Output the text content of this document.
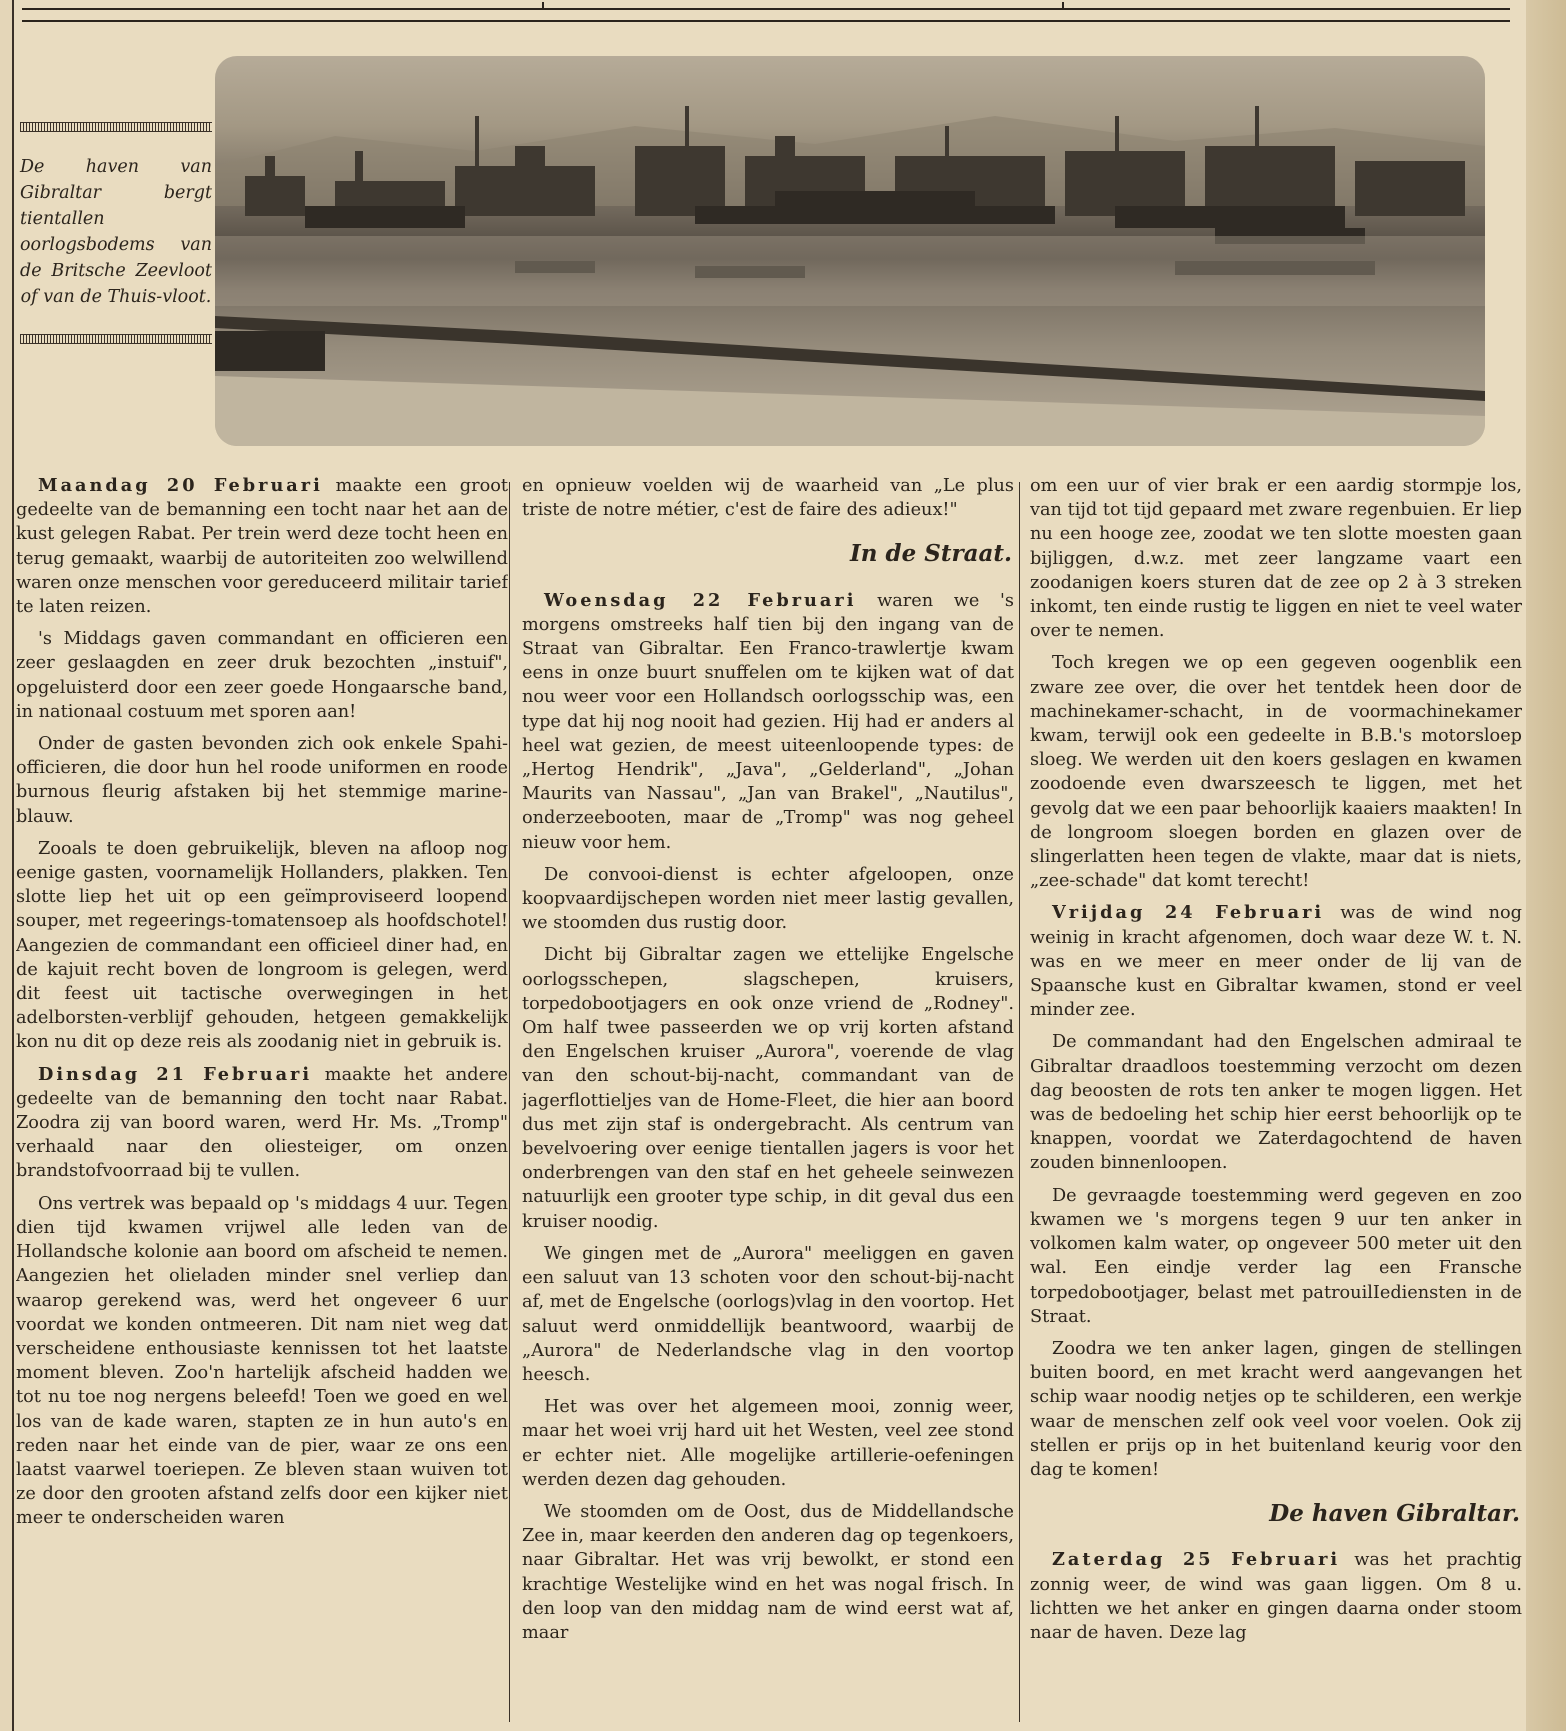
De haven van Gibraltar bergt tientallen oorlogsbodems van de Britsche Zeevloot of van de Thuis-vloot.

Maandag 20 Februari maakte een groot gedeelte van de bemanning een tocht naar het aan de kust gelegen Rabat. Per trein werd deze tocht heen en terug gemaakt, waarbij de autoriteiten zoo welwillend waren onze menschen voor gereduceerd militair tarief te laten reizen.

's Middags gaven commandant en officieren een zeer geslaagden en zeer druk bezochten „instuif", opgeluisterd door een zeer goede Hongaarsche band, in nationaal costuum met sporen aan!

Onder de gasten bevonden zich ook enkele Spahi-officieren, die door hun hel roode uniformen en roode burnous fleurig afstaken bij het stemmige marine-blauw.

Zooals te doen gebruikelijk, bleven na afloop nog eenige gasten, voornamelijk Hollanders, plakken. Ten slotte liep het uit op een geïmproviseerd loopend souper, met regeerings-tomatensoep als hoofdschotel! Aangezien de commandant een officieel diner had, en de kajuit recht boven de longroom is gelegen, werd dit feest uit tactische overwegingen in het adelborsten-verblijf gehouden, hetgeen gemakkelijk kon nu dit op deze reis als zoodanig niet in gebruik is.

Dinsdag 21 Februari maakte het andere gedeelte van de bemanning den tocht naar Rabat. Zoodra zij van boord waren, werd Hr. Ms. „Tromp" verhaald naar den oliesteiger, om onzen brandstofvoorraad bij te vullen.

Ons vertrek was bepaald op 's middags 4 uur. Tegen dien tijd kwamen vrijwel alle leden van de Hollandsche kolonie aan boord om afscheid te nemen. Aangezien het olieladen minder snel verliep dan waarop gerekend was, werd het ongeveer 6 uur voordat we konden ontmeeren. Dit nam niet weg dat verscheidene enthousiaste kennissen tot het laatste moment bleven. Zoo'n hartelijk afscheid hadden we tot nu toe nog nergens beleefd! Toen we goed en wel los van de kade waren, stapten ze in hun auto's en reden naar het einde van de pier, waar ze ons een laatst vaarwel toeriepen. Ze bleven staan wuiven tot ze door den grooten afstand zelfs door een kijker niet meer te onderscheiden waren

en opnieuw voelden wij de waarheid van „Le plus triste de notre métier, c'est de faire des adieux!"

In de Straat.

Woensdag 22 Februari waren we 's morgens omstreeks half tien bij den ingang van de Straat van Gibraltar. Een Franco-trawlertje kwam eens in onze buurt snuffelen om te kijken wat of dat nou weer voor een Hollandsch oorlogsschip was, een type dat hij nog nooit had gezien. Hij had er anders al heel wat gezien, de meest uiteenloopende types: de „Hertog Hendrik", „Java", „Gelderland", „Johan Maurits van Nassau", „Jan van Brakel", „Nautilus", onderzeebooten, maar de „Tromp" was nog geheel nieuw voor hem.

De convooi-dienst is echter afgeloopen, onze koopvaardijschepen worden niet meer lastig gevallen, we stoomden dus rustig door.

Dicht bij Gibraltar zagen we ettelijke Engelsche oorlogsschepen, slagschepen, kruisers, torpedobootjagers en ook onze vriend de „Rodney". Om half twee passeerden we op vrij korten afstand den Engelschen kruiser „Aurora", voerende de vlag van den schout-bij-nacht, commandant van de jagerflottieljes van de Home-Fleet, die hier aan boord dus met zijn staf is ondergebracht. Als centrum van bevelvoering over eenige tientallen jagers is voor het onderbrengen van den staf en het geheele seinwezen natuurlijk een grooter type schip, in dit geval dus een kruiser noodig.

We gingen met de „Aurora" meeliggen en gaven een saluut van 13 schoten voor den schout-bij-nacht af, met de Engelsche (oorlogs)vlag in den voortop. Het saluut werd onmiddellijk beantwoord, waarbij de „Aurora" de Nederlandsche vlag in den voortop heesch.

Het was over het algemeen mooi, zonnig weer, maar het woei vrij hard uit het Westen, veel zee stond er echter niet. Alle mogelijke artillerie-oefeningen werden dezen dag gehouden.

We stoomden om de Oost, dus de Middellandsche Zee in, maar keerden den anderen dag op tegenkoers, naar Gibraltar. Het was vrij bewolkt, er stond een krachtige Westelijke wind en het was nogal frisch. In den loop van den middag nam de wind eerst wat af, maar

om een uur of vier brak er een aardig stormpje los, van tijd tot tijd gepaard met zware regenbuien. Er liep nu een hooge zee, zoodat we ten slotte moesten gaan bijliggen, d.w.z. met zeer langzame vaart een zoodanigen koers sturen dat de zee op 2 à 3 streken inkomt, ten einde rustig te liggen en niet te veel water over te nemen.

Toch kregen we op een gegeven oogenblik een zware zee over, die over het tentdek heen door de machinekamer-schacht, in de voormachinekamer kwam, terwijl ook een gedeelte in B.B.'s motorsloep sloeg. We werden uit den koers geslagen en kwamen zoodoende even dwarszeesch te liggen, met het gevolg dat we een paar behoorlijk kaaiers maakten! In de longroom sloegen borden en glazen over de slingerlatten heen tegen de vlakte, maar dat is niets, „zee-schade" dat komt terecht!

Vrijdag 24 Februari was de wind nog weinig in kracht afgenomen, doch waar deze W. t. N. was en we meer en meer onder de lij van de Spaansche kust en Gibraltar kwamen, stond er veel minder zee.

De commandant had den Engelschen admiraal te Gibraltar draadloos toestemming verzocht om dezen dag beoosten de rots ten anker te mogen liggen. Het was de bedoeling het schip hier eerst behoorlijk op te knappen, voordat we Zaterdagochtend de haven zouden binnenloopen.

De gevraagde toestemming werd gegeven en zoo kwamen we 's morgens tegen 9 uur ten anker in volkomen kalm water, op ongeveer 500 meter uit den wal. Een eindje verder lag een Fransche torpedobootjager, belast met patrouilIediensten in de Straat.

Zoodra we ten anker lagen, gingen de stellingen buiten boord, en met kracht werd aangevangen het schip waar noodig netjes op te schilderen, een werkje waar de menschen zelf ook veel voor voelen. Ook zij stellen er prijs op in het buitenland keurig voor den dag te komen!

De haven Gibraltar.

Zaterdag 25 Februari was het prachtig zonnig weer, de wind was gaan liggen. Om 8 u. lichtten we het anker en gingen daarna onder stoom naar de haven. Deze lag
